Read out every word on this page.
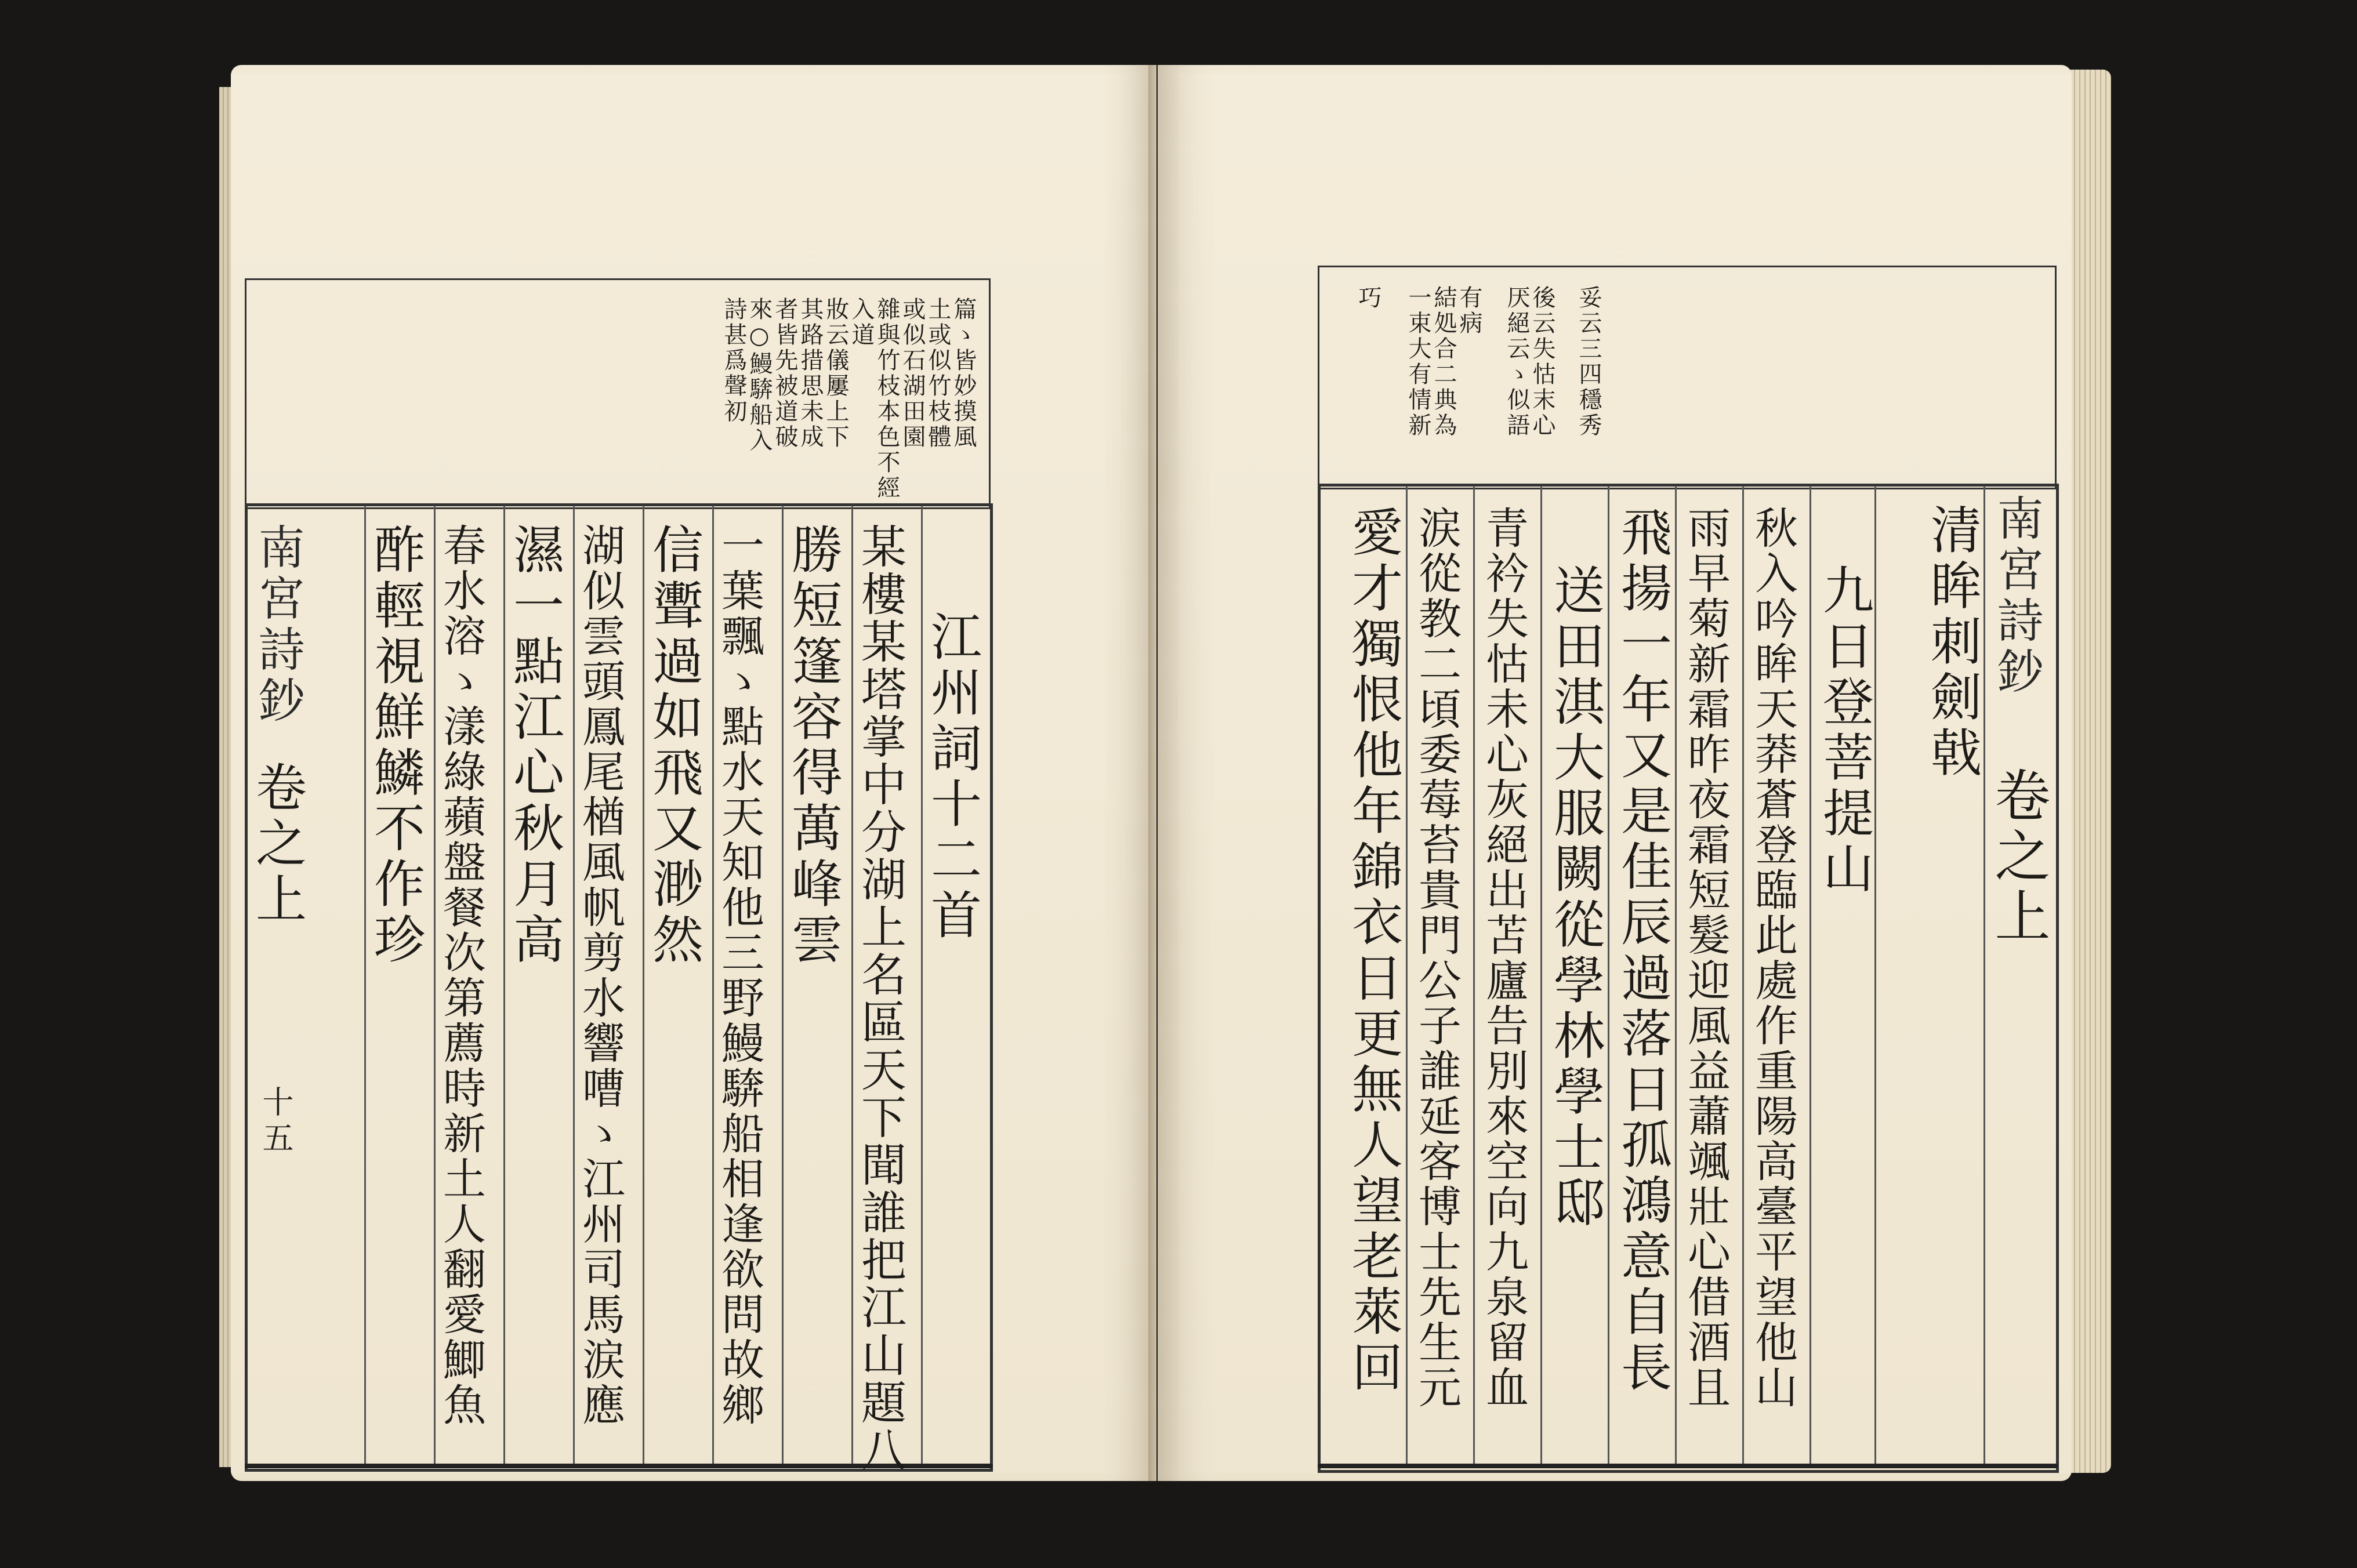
南宮詩鈔
卷之上
十五
篇ゝ皆妙摸風
土或似竹枝體
或似石湖田園
雜與竹枝本色不經
入道
妝云儀屢上下
其路措思未成
者皆先被道破
來○鰻𩣺船入
詩甚爲聲初
江州詞十二首
某樓某塔掌中分湖上名區天下聞誰把江山題八
勝短篷容得萬峰雲
一葉飄ゝ點水天知他三野鰻𩣺船相逢欲問故鄉
信聻過如飛又渺然
湖似雲頭鳳尾楢風帆剪水響嘈ゝ江州司馬涙應
濕一點江心秋月高
春水溶ゝ漾綠蘋盤餐次第薦時新土人翻愛鯽魚
酢輕視鮮鱗不作珍	南宮詩鈔
卷之上
妥云三四穩秀
後云失怙末心
厌絕云ゝ似語
有病
結処合二典為
一束大有情新
巧
清眸刺劍戟
九日登菩提山
秋入吟眸天莽蒼登臨此處作重陽高臺平望他山
雨早菊新霜昨夜霜短髮迎風益蕭颯壯心借酒且
飛揚一年又是佳辰過落日孤鴻意自長
送田淇大服闕從學林學士邸
青衿失怙未心灰絕出苫廬告別來空向九泉留血
涙從教二頃委莓苔貴門公子誰延客博士先生元
愛才獨恨他年錦衣日更無人望老萊回
